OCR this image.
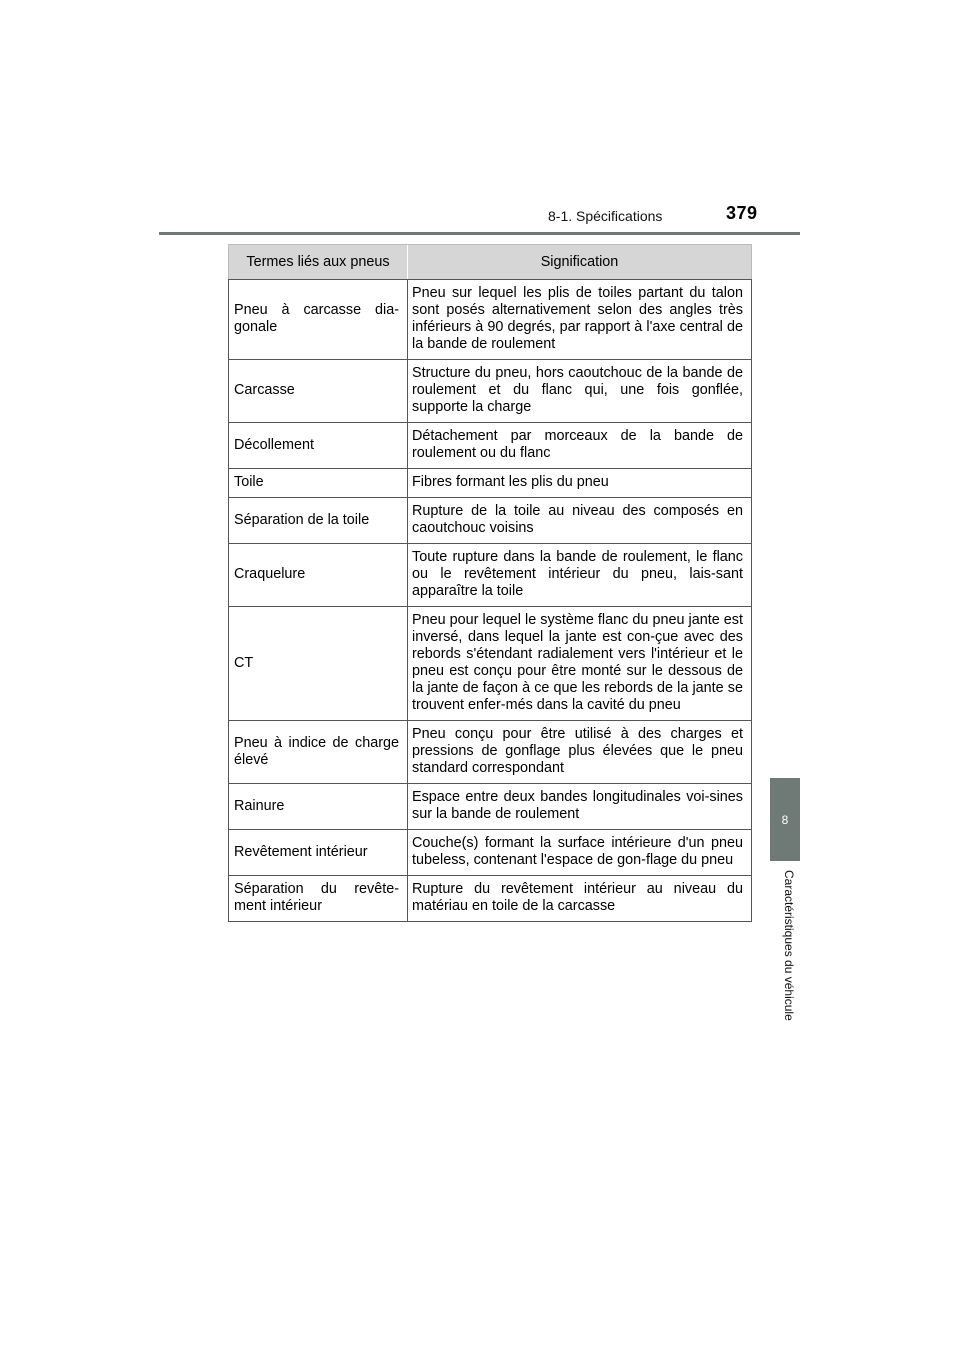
8-1. Spécifications	379
8
Caractéristiques du véhicule
Termes liés aux pneus	Signification
Pneu à carcasse dia-gonale	Pneu sur lequel les plis de toiles partant du talon sont posés alternativement selon des angles très inférieurs à 90 degrés, par rapport à l'axe central de la bande de roulement
Carcasse	Structure du pneu, hors caoutchouc de la bande de roulement et du flanc qui, une fois gonflée, supporte la charge
Décollement	Détachement par morceaux de la bande de roulement ou du flanc
Toile	Fibres formant les plis du pneu
Séparation de la toile	Rupture de la toile au niveau des composés en caoutchouc voisins
Craquelure	Toute rupture dans la bande de roulement, le flanc ou le revêtement intérieur du pneu, lais-sant apparaître la toile
CT	Pneu pour lequel le système flanc du pneu jante est inversé, dans lequel la jante est con-çue avec des rebords s'étendant radialement vers l'intérieur et le pneu est conçu pour être monté sur le dessous de la jante de façon à ce que les rebords de la jante se trouvent enfer-més dans la cavité du pneu
Pneu à indice de charge élevé	Pneu conçu pour être utilisé à des charges et pressions de gonflage plus élevées que le pneu standard correspondant
Rainure	Espace entre deux bandes longitudinales voi-sines sur la bande de roulement
Revêtement intérieur	Couche(s) formant la surface intérieure d'un pneu tubeless, contenant l'espace de gon-flage du pneu
Séparation du revête-ment intérieur	Rupture du revêtement intérieur au niveau du matériau en toile de la carcasse
